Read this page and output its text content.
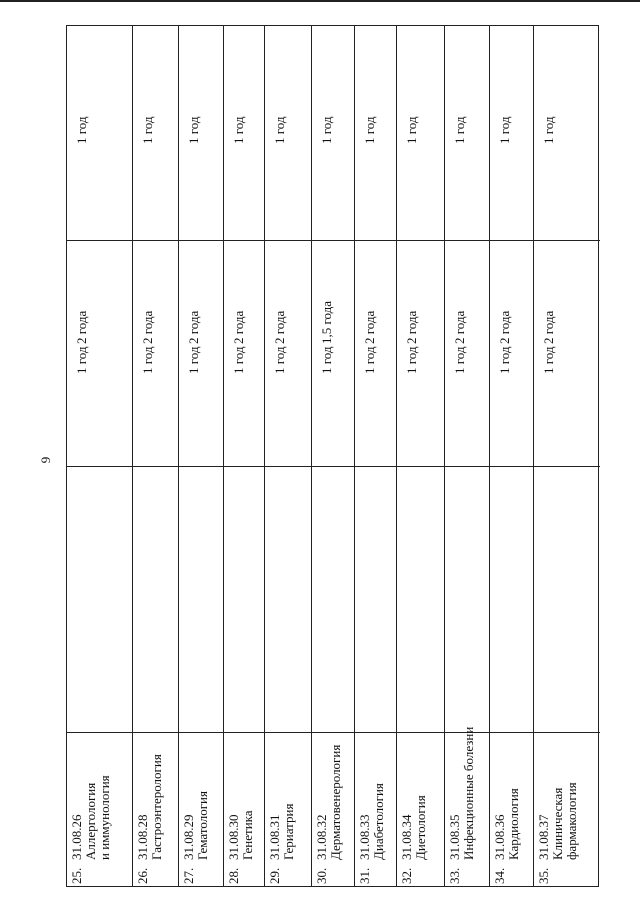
9
25.
31.08.26 Аллергология и иммунология
2 года
1 год
1 год
26.
31.08.28 Гастроэнтерология
2 года
1 год
1 год
27.
31.08.29 Гематология
2 года
1 год
1 год
28.
31.08.30 Генетика
2 года
1 год
1 год
29.
31.08.31 Гериатрия
2 года
1 год
1 год
30.
31.08.32 Дерматовенерология
1,5 года
1 год
1 год
31.
31.08.33 Диабетология
2 года
1 год
1 год
32.
31.08.34 Диетология
2 года
1 год
1 год
33.
31.08.35 Инфекционные болезни
2 года
1 год
1 год
34.
31.08.36 Кардиология
2 года
1 год
1 год
35.
31.08.37 Клиническая фармакология
2 года
1 год
1 год
